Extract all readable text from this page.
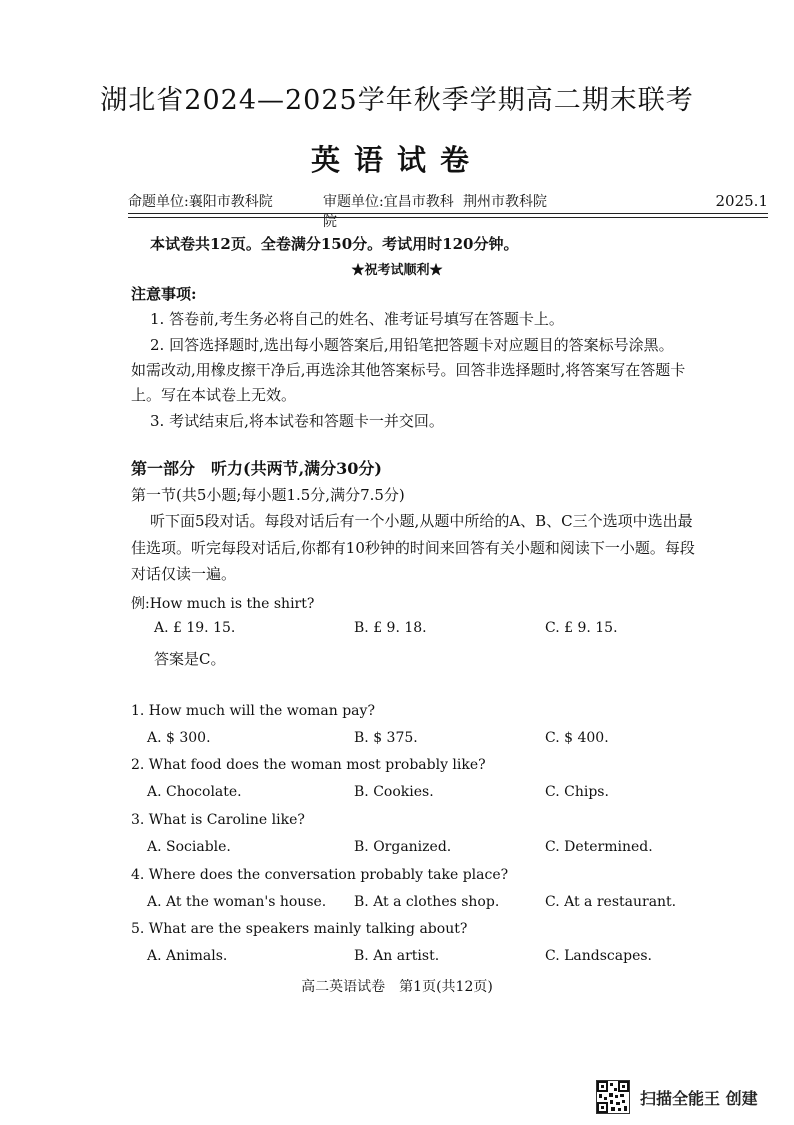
湖北省2024—2025学年秋季学期高二期末联考
英语试卷
命题单位:襄阳市教科院	审题单位:宜昌市教科院
荆州市教科院	2025.1
本试卷共12页。全卷满分150分。考试用时120分钟。
★祝考试顺利★
注意事项:
1. 答卷前,考生务必将自己的姓名、准考证号填写在答题卡上。
2. 回答选择题时,选出每小题答案后,用铅笔把答题卡对应题目的答案标号涂黑。
如需改动,用橡皮擦干净后,再选涂其他答案标号。回答非选择题时,将答案写在答题卡
上。写在本试卷上无效。
3. 考试结束后,将本试卷和答题卡一并交回。
第一部分　听力(共两节,满分30分)
第一节(共5小题;每小题1.5分,满分7.5分)
听下面5段对话。每段对话后有一个小题,从题中所给的A、B、C三个选项中选出最
佳选项。听完每段对话后,你都有10秒钟的时间来回答有关小题和阅读下一小题。每段
对话仅读一遍。
例:How much is the shirt?
A. £ 19. 15.	B. £ 9. 18.	C. £ 9. 15.
答案是C。
1. How much will the woman pay?
A. $ 300.	B. $ 375.	C. $ 400.
2. What food does the woman most probably like?
A. Chocolate.	B. Cookies.	C. Chips.
3. What is Caroline like?
A. Sociable.	B. Organized.	C. Determined.
4. Where does the conversation probably take place?
A. At the woman's house. B. At a clothes shop.	C. At a restaurant.
5. What are the speakers mainly talking about?
A. Animals.	B. An artist.	C. Landscapes.
高二英语试卷　第1页(共12页)
扫描全能王 创建
